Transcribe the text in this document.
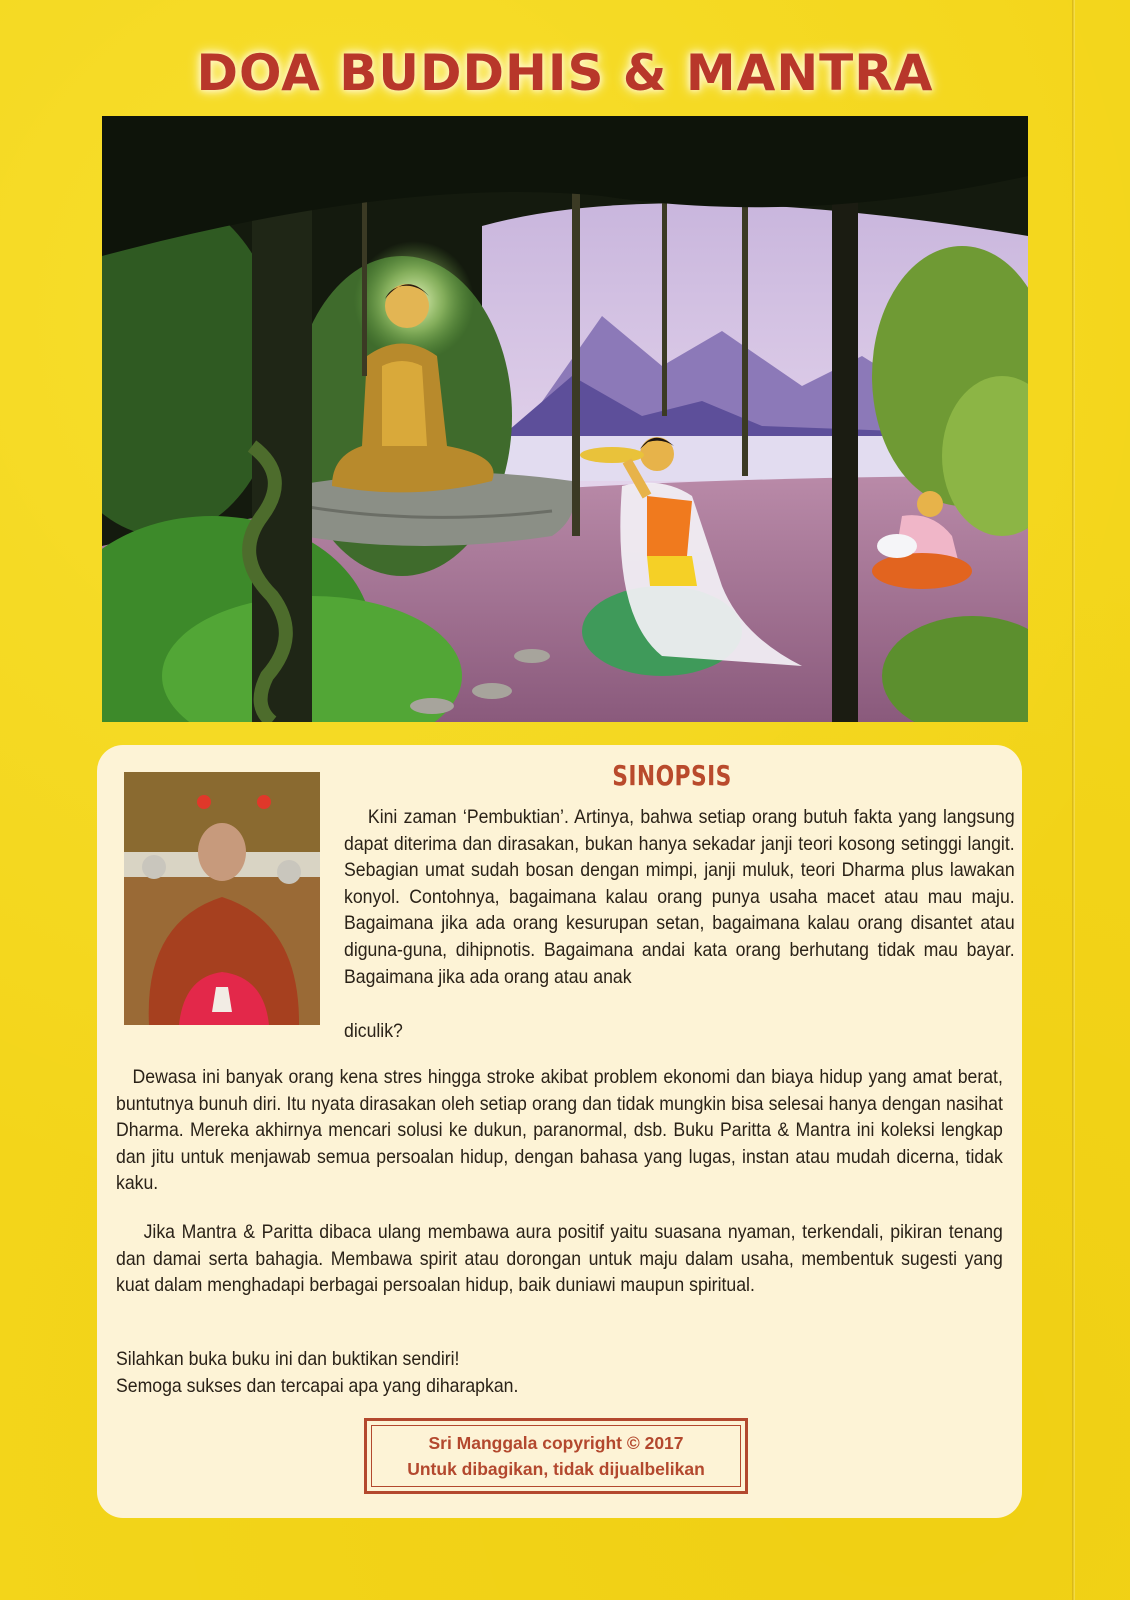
DOA BUDDHIS & MANTRA
SINOPSIS
Kini zaman ‘Pembuktian’. Artinya, bahwa setiap orang butuh fakta yang langsung dapat diterima dan dirasakan, bukan hanya sekadar janji teori kosong setinggi langit. Sebagian umat sudah bosan dengan mimpi, janji muluk, teori Dharma plus lawakan konyol. Contohnya, bagaimana kalau orang punya usaha macet atau mau maju. Bagaimana jika ada orang kesurupan setan, bagaimana kalau orang disantet atau diguna-guna, dihipnotis. Bagaimana andai kata orang berhutang tidak mau bayar. Bagaimana jika ada orang atau anak
diculik?
Dewasa ini banyak orang kena stres hingga stroke akibat problem ekonomi dan biaya hidup yang amat berat, buntutnya bunuh diri. Itu nyata dirasakan oleh setiap orang dan tidak mungkin bisa selesai hanya dengan nasihat Dharma. Mereka akhirnya mencari solusi ke dukun, paranormal, dsb. Buku Paritta & Mantra ini koleksi lengkap dan jitu untuk menjawab semua persoalan hidup, dengan bahasa yang lugas, instan atau mudah dicerna, tidak kaku.
Jika Mantra & Paritta dibaca ulang membawa aura positif yaitu suasana nyaman, terkendali, pikiran tenang dan damai serta bahagia. Membawa spirit atau dorongan untuk maju dalam usaha, membentuk sugesti yang kuat dalam menghadapi berbagai persoalan hidup, baik duniawi maupun spiritual.
Silahkan buka buku ini dan buktikan sendiri!
Semoga sukses dan tercapai apa yang diharapkan.
Sri Manggala copyright © 2017
Untuk dibagikan, tidak dijualbelikan
